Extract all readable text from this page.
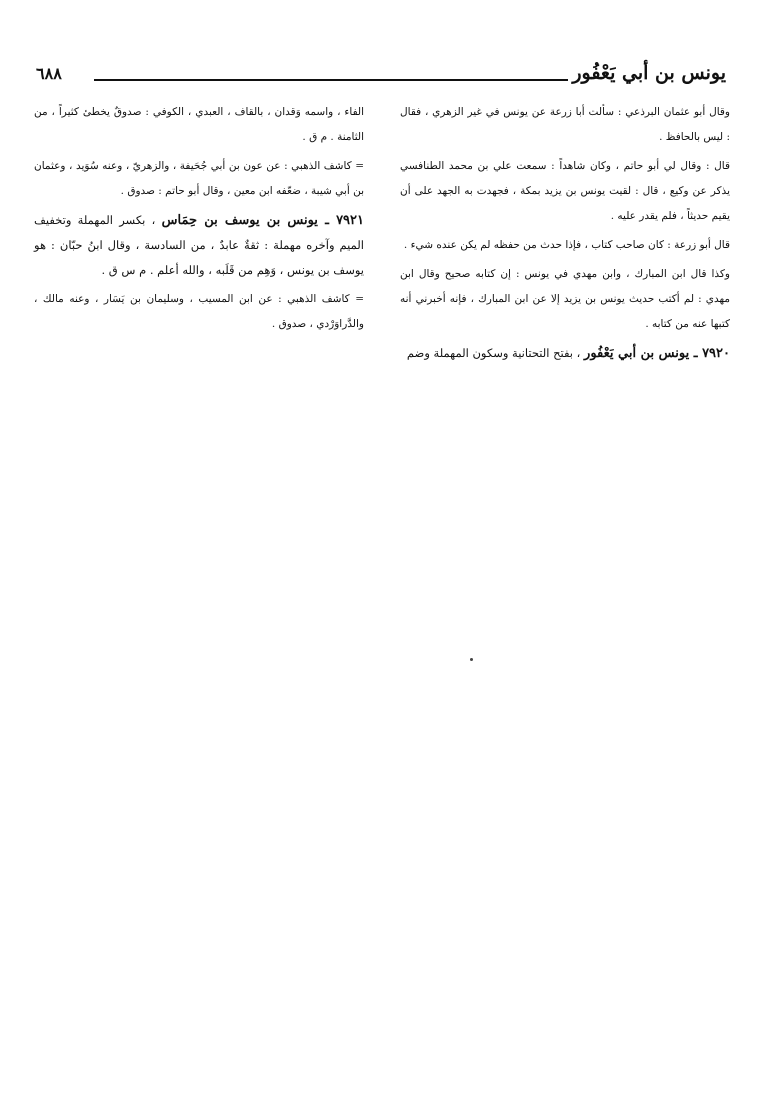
يونس بن أبي يَعْفُور
٦٨٨

وقال أبو عثمان البرذعي : سألت أبا زرعة عن يونس في غير الزهري ، فقال : ليس بالحافظ .

قال : وقال لي أبو حاتم ، وكان شاهداً : سمعت علي بن محمد الطنافسي يذكر عن وكيع ، قال : لقيت يونس بن يزيد بمكة ، فجهدت به الجهد على أن يقيم حديثاً ، فلم يقدر عليه .

قال أبو زرعة : كان صاحب كتاب ، فإذا حدث من حفظه لم يكن عنده شيء .

وكذا قال ابن المبارك ، وابن مهدي في يونس : إن كتابه صحيح وقال ابن مهدي : لم أكتب حديث يونس بن يزيد إلا عن ابن المبارك ، فإنه أخبرني أنه كتبها عنه من كتابه .

٧٩٢٠ ـ يونس بن أبي يَعْفُور ، بفتح التحتانية وسكون المهملة وضم

الفاء ، واسمه وَقدان ، بالقاف ، العبدي ، الكوفي : صدوقٌ يخطئ كثيراً ، من الثامنة . م ق .

= كاشف الذهبي : عن عون بن أبي جُحَيفة ، والزهريّ ، وعنه سُوَيد ، وعثمان بن أبي شيبة ، ضعّفه ابن معين ، وقال أبو حاتم : صدوق .

٧٩٢١ ـ يونس بن يوسف بن حِمَاس ، بكسر المهملة وتخفيف الميم وآخره مهملة : ثقةٌ عابدٌ ، من السادسة ، وقال ابنُ حبّان : هو يوسف بن يونس ، وَهِم من قَلَبه ، والله أعلم . م س ق .

= كاشف الذهبي : عن ابن المسيب ، وسليمان بن يَسَار ، وعنه مالك ، والدَّراوَرْدي ، صدوق .
